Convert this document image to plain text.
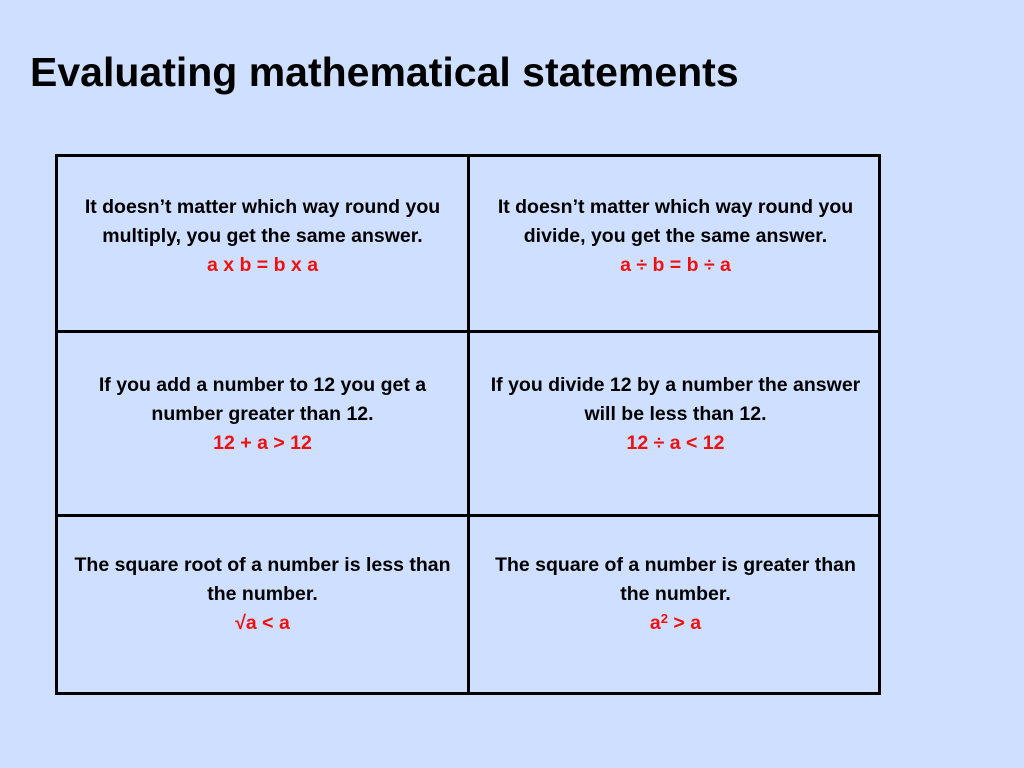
Evaluating mathematical statements
It doesn’t matter which way round you multiply, you get the same answer.
a x b = b x a
It doesn’t matter which way round you divide, you get the same answer.
a ÷ b = b ÷ a
If you add a number to 12 you get a number greater than 12.
12 + a > 12
If you divide 12 by a number the answer will be less than 12.
12 ÷ a < 12
The square root of a number is less than the number.
√a < a
The square of a number is greater than the number.
$a^2 > a$
